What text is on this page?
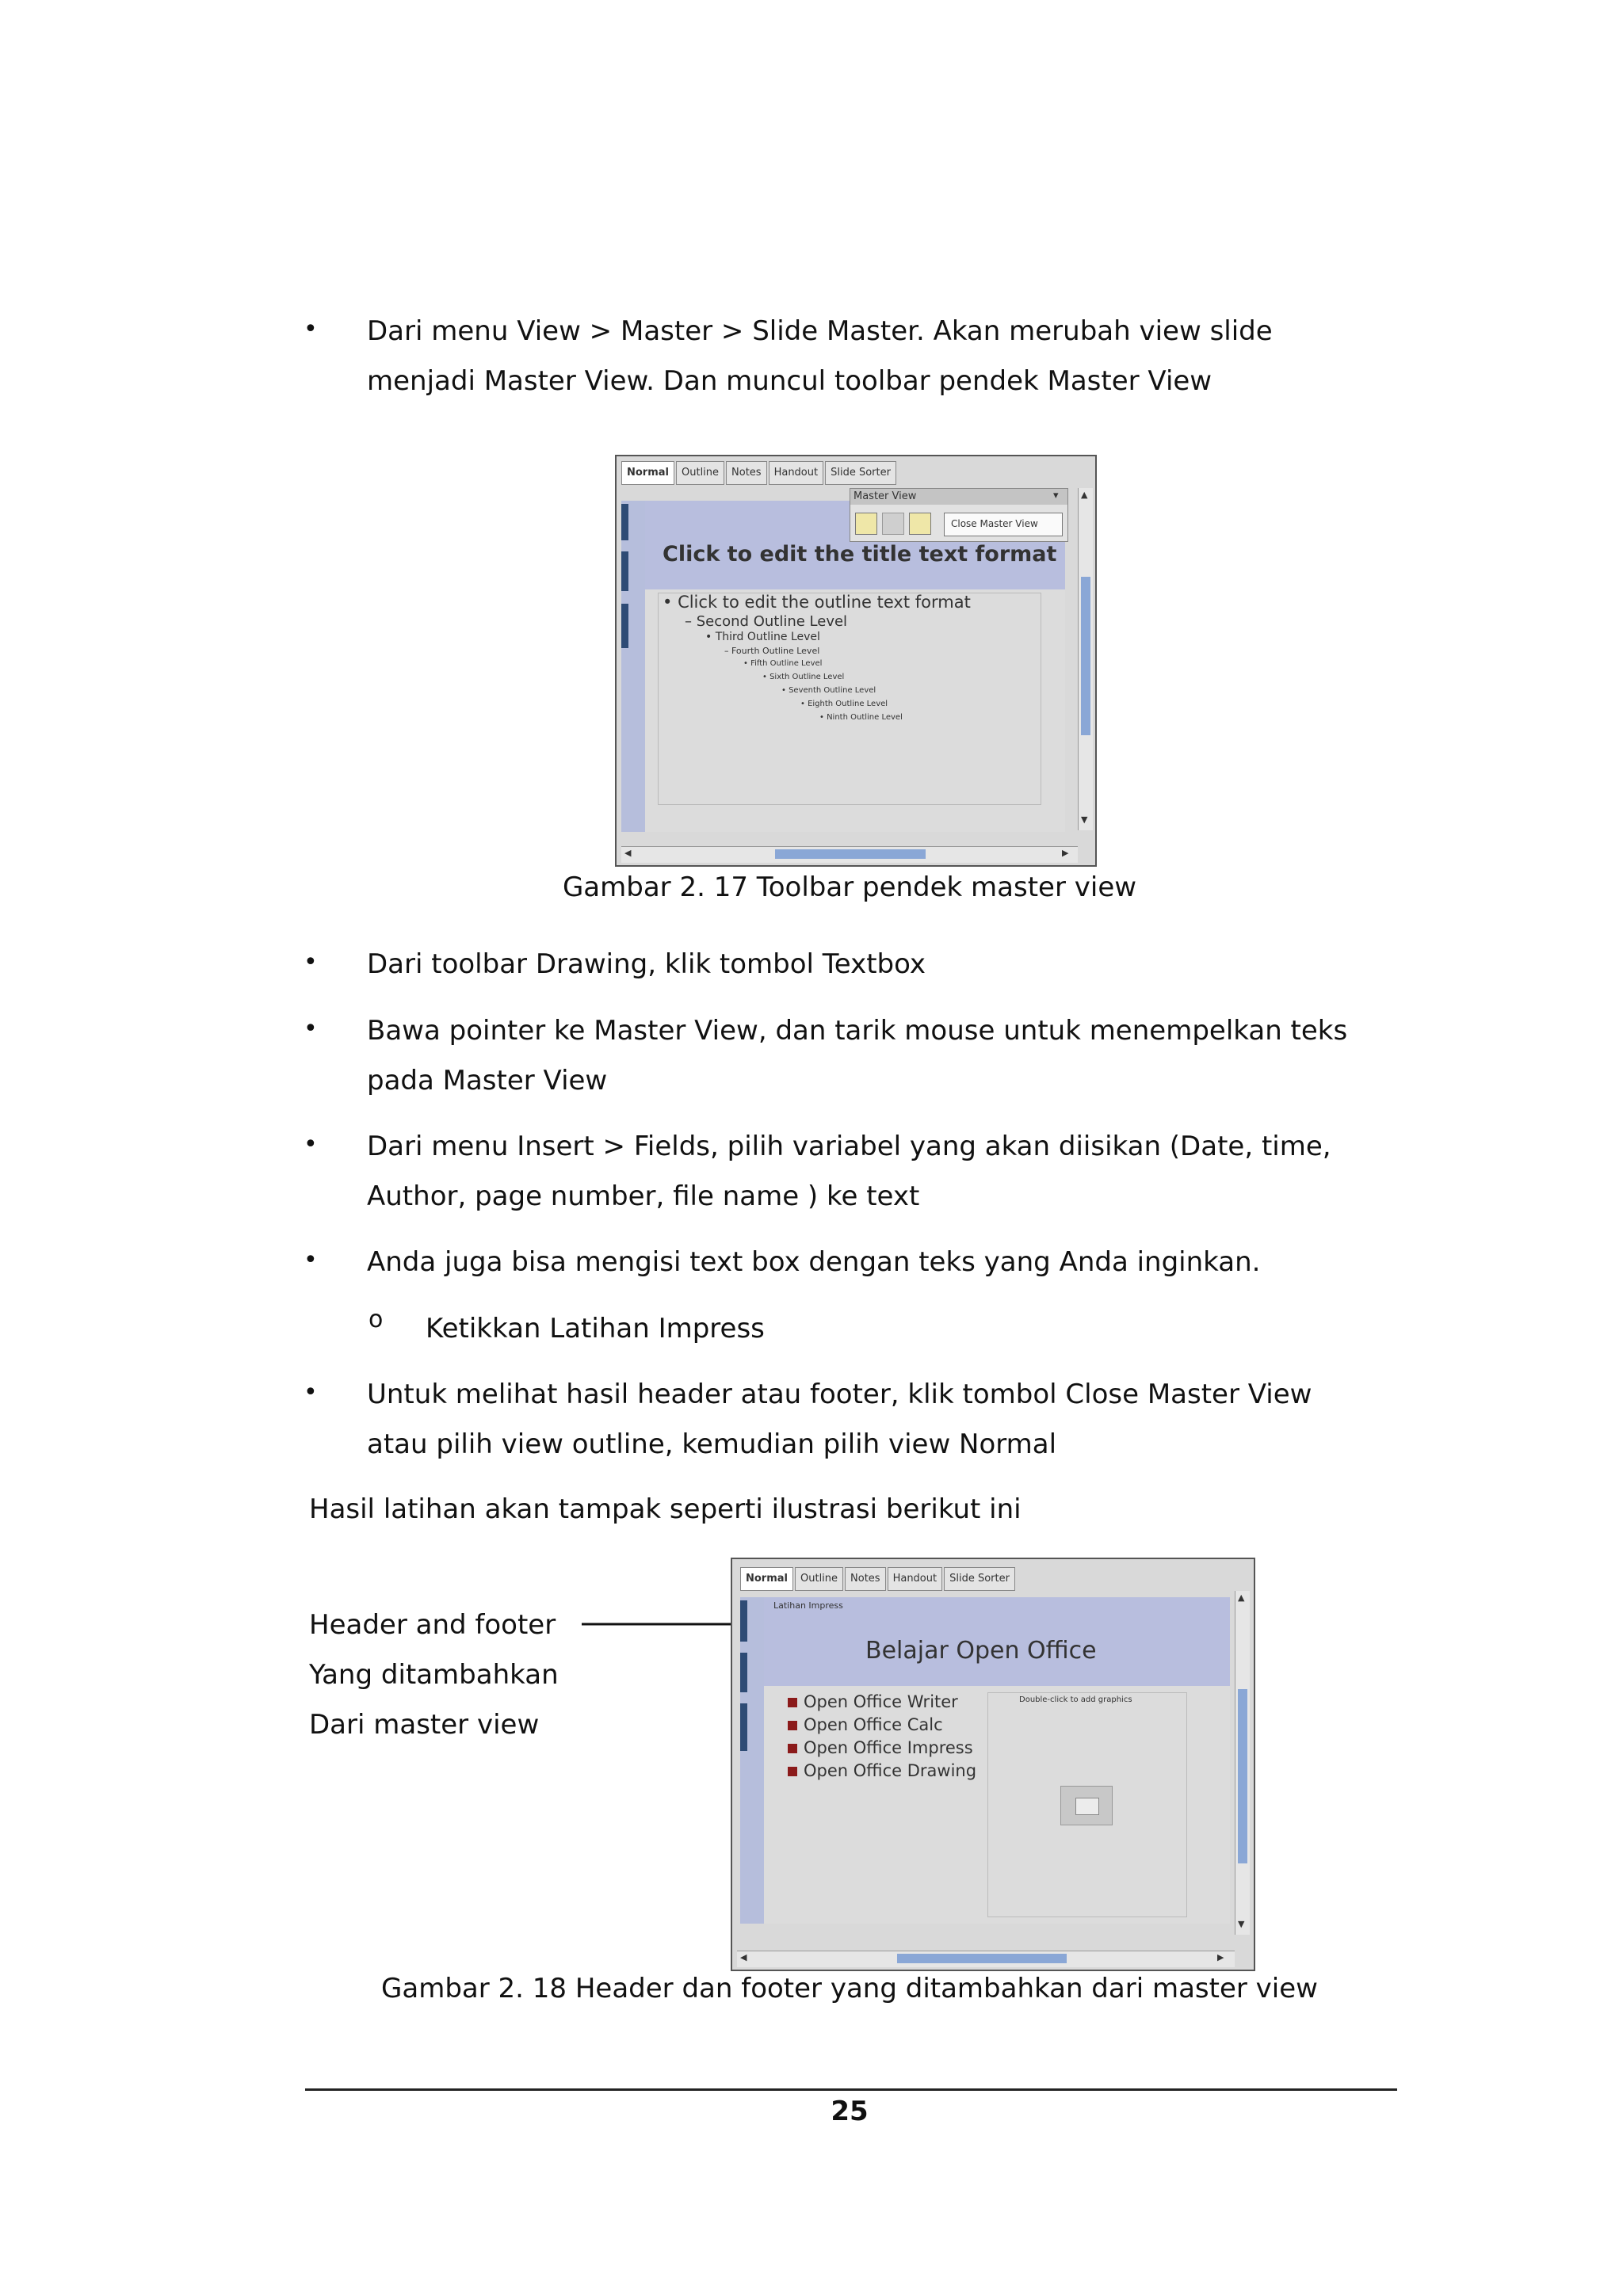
• Dari menu View > Master > Slide Master. Akan merubah view slide
menjadi Master View. Dan muncul toolbar pendek Master View
Normal	Outline	Notes	Handout	Slide Sorter
Click to edit the title text format
Master View	▾
Close Master View
• Click to edit the outline text format
– Second Outline Level
• Third Outline Level
– Fourth Outline Level
• Fifth Outline Level
• Sixth Outline Level
• Seventh Outline Level
• Eighth Outline Level
• Ninth Outline Level
▲
▼
◀	▶
Gambar 2. 17 Toolbar pendek master view
• Dari toolbar Drawing, klik tombol Textbox
• Bawa pointer ke Master View, dan tarik mouse untuk menempelkan teks
pada Master View
• Dari menu Insert > Fields, pilih variabel yang akan diisikan (Date, time,
Author, page number, file name ) ke text
• Anda juga bisa mengisi text box dengan teks yang Anda inginkan.
o Ketikkan Latihan Impress
• Untuk melihat hasil header atau footer, klik tombol Close Master View
atau pilih view outline, kemudian pilih view Normal
Hasil latihan akan tampak seperti ilustrasi berikut ini
Header and footer
Yang ditambahkan
Dari master view
Normal	Outline	Notes	Handout	Slide Sorter
Latihan Impress
Belajar Open Office
Open Office Writer
Open Office Calc
Open Office Impress
Open Office Drawing
Double-click to add graphics
▲
▼
◀	▶
Gambar 2. 18 Header dan footer yang ditambahkan dari master view
25
